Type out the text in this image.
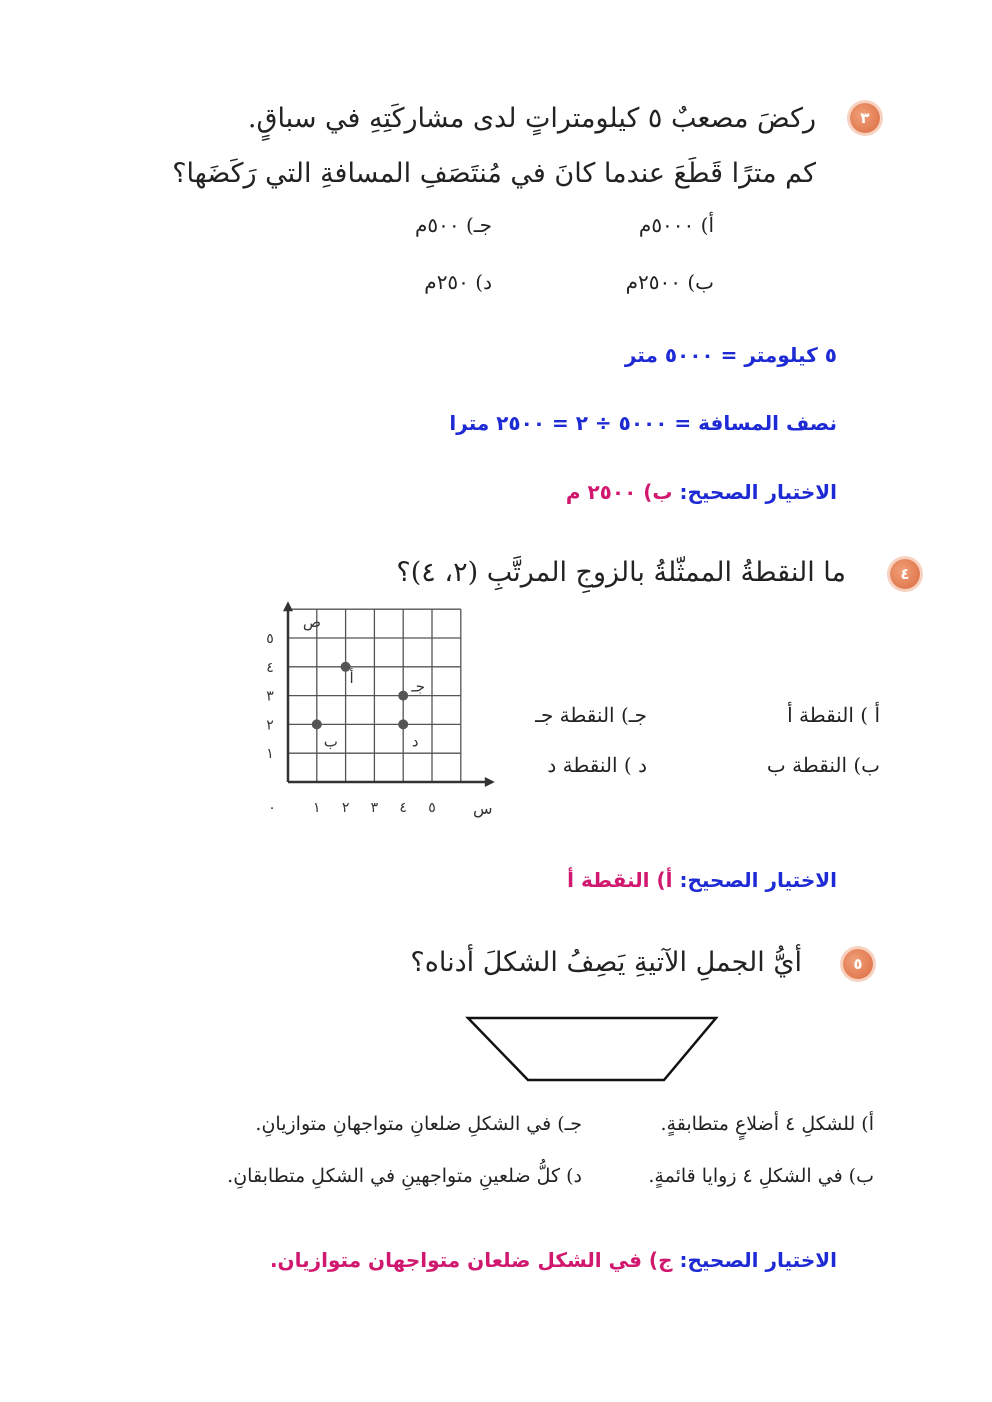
٣
ركضَ مصعبٌ ٥ كيلومتراتٍ لدى مشاركَتِهِ في سباقٍ.
كم مترًا قَطَعَ عندما كانَ في مُنتَصَفِ المسافةِ التي رَكَضَها؟
أ) ٥٠٠٠م
جـ) ٥٠٠م
ب) ٢٥٠٠م
د) ٢٥٠م
٥ كيلومتر = ٥٠٠٠ متر
نصف المسافة = ٥٠٠٠ ÷ ٢ = ٢٥٠٠ مترا
الاختيار الصحيح: ب) ٢٥٠٠ م
٤
ما النقطةُ الممثّلةُ بالزوجِ المرتَّبِ (٢، ٤)؟
٠	١ ٢ ٣ ٤ ٥ س
١
٢
٣
٤
٥
ص
أ
ب
جـ
د
أ ) النقطة أ
جـ) النقطة جـ
ب) النقطة ب
د ) النقطة د
الاختيار الصحيح: أ) النقطة أ
٥
أيُّ الجملِ الآتيةِ يَصِفُ الشكلَ أدناه؟
أ) للشكلِ ٤ أضلاعٍ متطابقةٍ.
جـ) في الشكلِ ضلعانِ متواجهانِ متوازيانِ.
ب) في الشكلِ ٤ زوايا قائمةٍ.
د) كلُّ ضلعينِ متواجهينِ في الشكلِ متطابقانِ.
الاختيار الصحيح: ج) في الشكل ضلعان متواجهان متوازيان.
